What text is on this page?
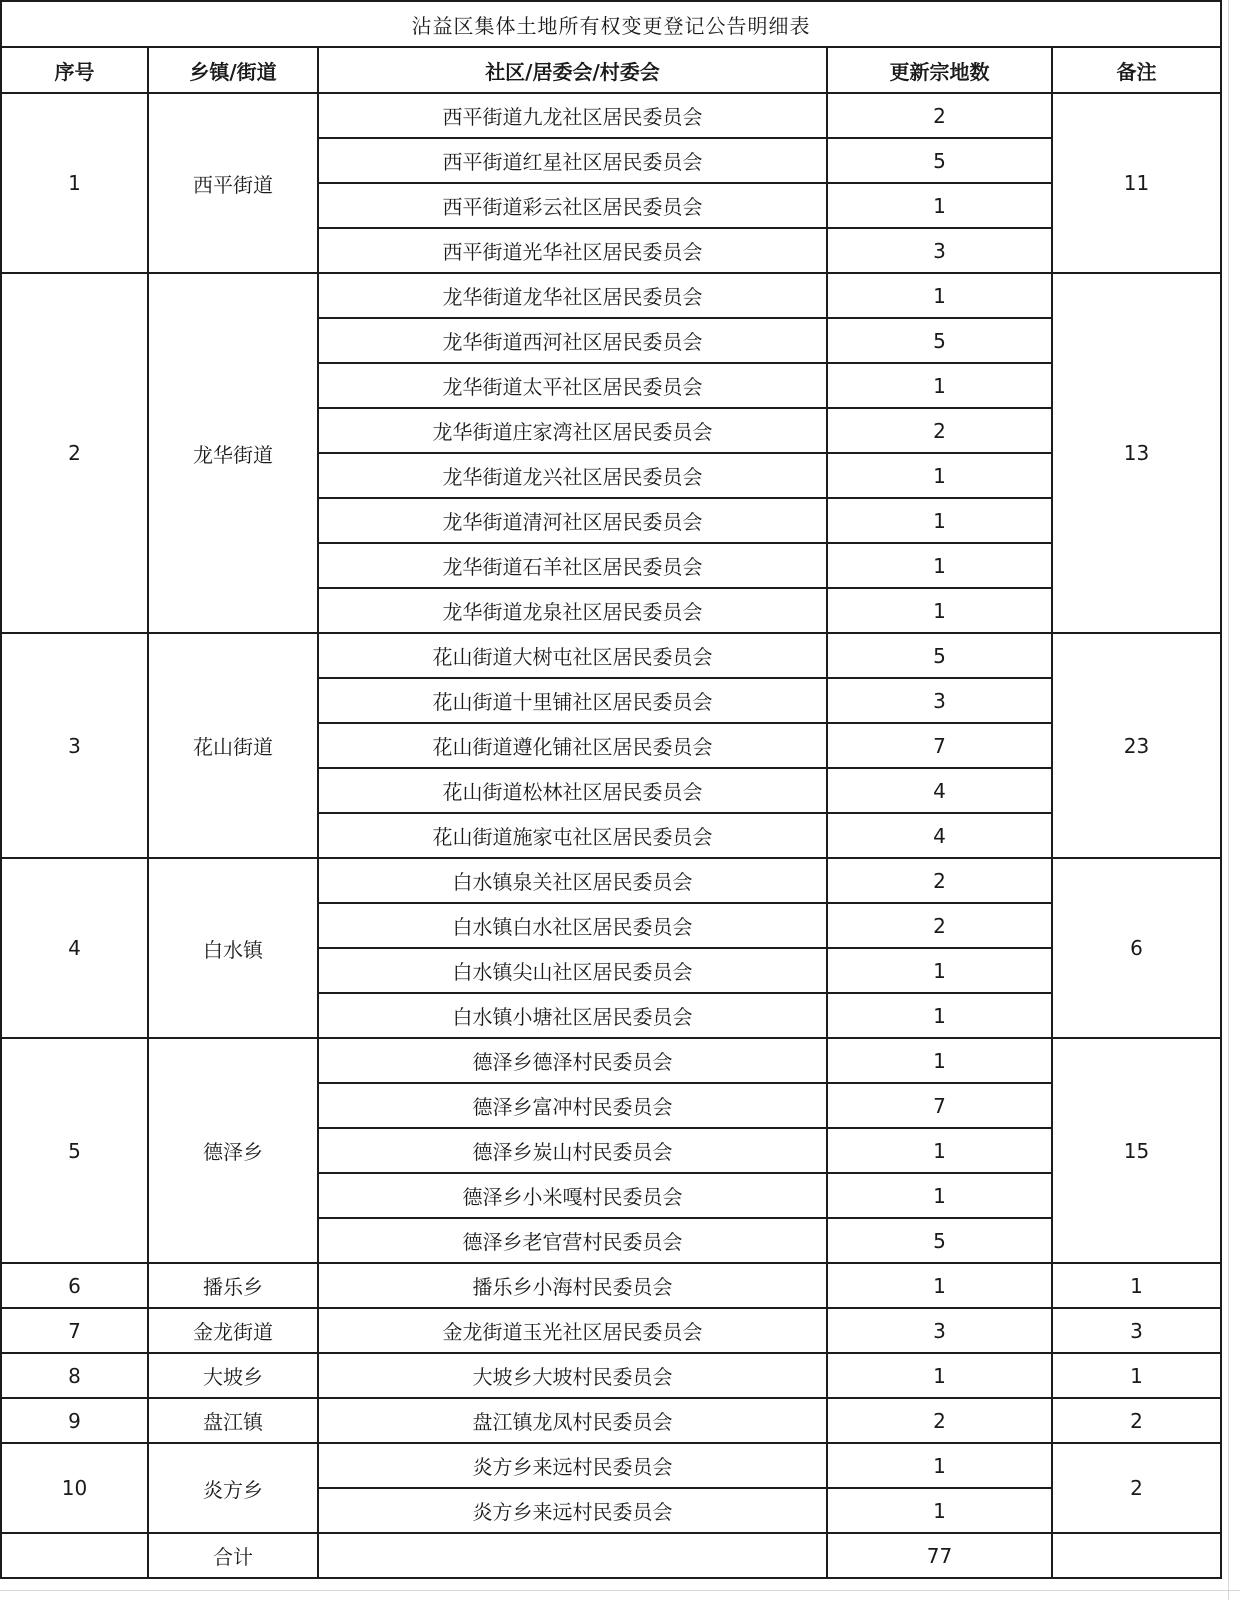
沾益区集体土地所有权变更登记公告明细表				
序号	乡镇/街道	社区/居委会/村委会	更新宗地数	备注
1	西平街道	西平街道九龙社区居民委员会	2	11
		西平街道红星社区居民委员会	5	
		西平街道彩云社区居民委员会	1	
		西平街道光华社区居民委员会	3	
2	龙华街道	龙华街道龙华社区居民委员会	1	13
		龙华街道西河社区居民委员会	5	
		龙华街道太平社区居民委员会	1	
		龙华街道庄家湾社区居民委员会	2	
		龙华街道龙兴社区居民委员会	1	
		龙华街道清河社区居民委员会	1	
		龙华街道石羊社区居民委员会	1	
		龙华街道龙泉社区居民委员会	1	
3	花山街道	花山街道大树屯社区居民委员会	5	23
		花山街道十里铺社区居民委员会	3	
		花山街道遵化铺社区居民委员会	7	
		花山街道松林社区居民委员会	4	
		花山街道施家屯社区居民委员会	4	
4	白水镇	白水镇泉关社区居民委员会	2	6
		白水镇白水社区居民委员会	2	
		白水镇尖山社区居民委员会	1	
		白水镇小塘社区居民委员会	1	
5	德泽乡	德泽乡德泽村民委员会	1	15
		德泽乡富冲村民委员会	7	
		德泽乡炭山村民委员会	1	
		德泽乡小米嘎村民委员会	1	
		德泽乡老官营村民委员会	5	
6	播乐乡	播乐乡小海村民委员会	1	1
7	金龙街道	金龙街道玉光社区居民委员会	3	3
8	大坡乡	大坡乡大坡村民委员会	1	1
9	盘江镇	盘江镇龙凤村民委员会	2	2
10	炎方乡	炎方乡来远村民委员会	1	2
		炎方乡来远村民委员会	1	
	合计		77	
